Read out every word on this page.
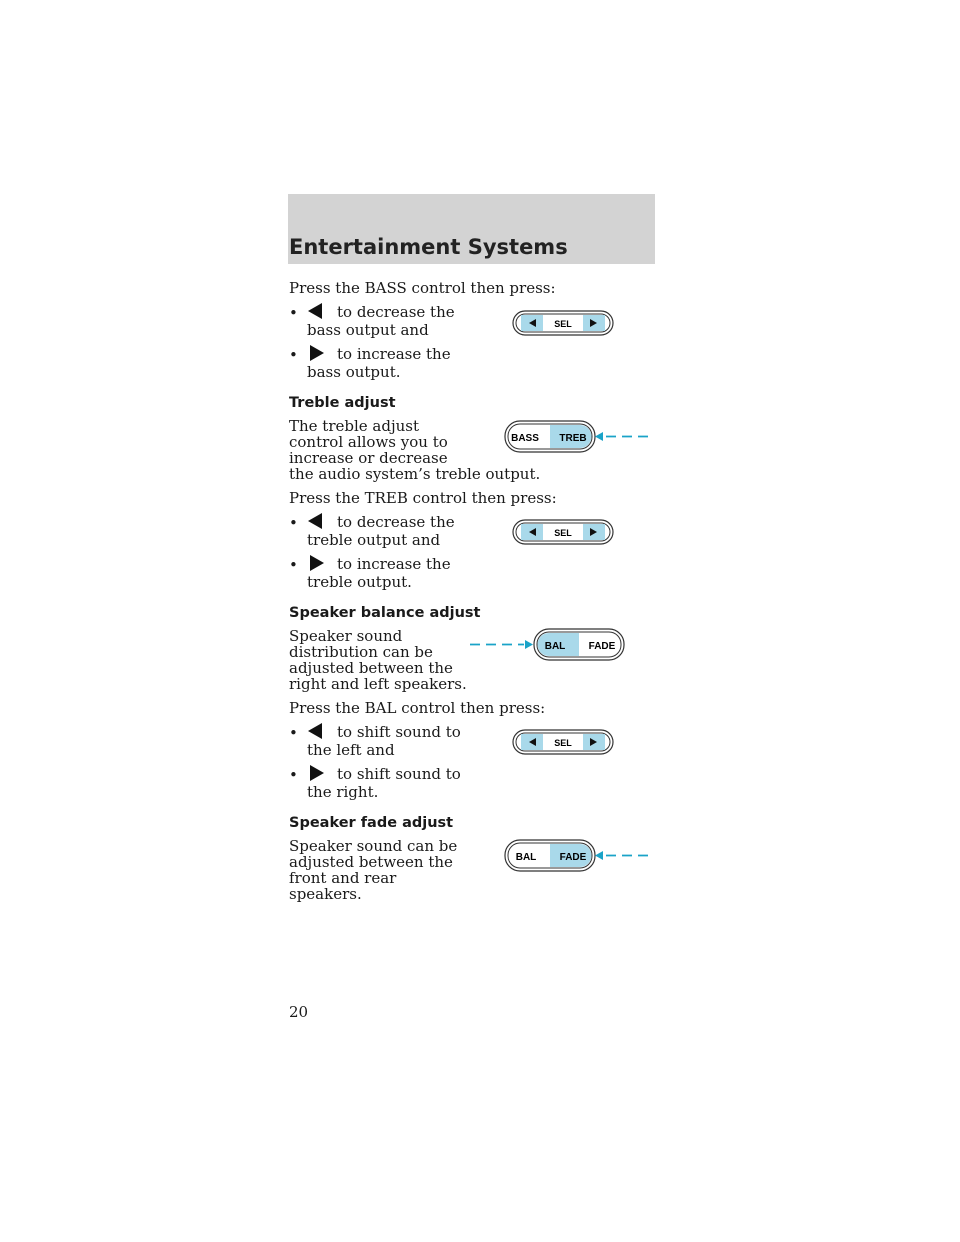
Entertainment Systems
Press the BASS control then press:
•	to decrease the
bass output and
•	to increase the
bass output.
SEL
Treble adjust
The treble adjust
control allows you to
increase or decrease
the audio system’s treble output.
BASS TREB
Press the TREB control then press:
•	to decrease the
treble output and
•	to increase the
treble output.
SEL
Speaker balance adjust
Speaker sound
distribution can be
adjusted between the
right and left speakers.
BAL FADE
Press the BAL control then press:
•	to shift sound to
the left and
•	to shift sound to
the right.
SEL
Speaker fade adjust
Speaker sound can be
adjusted between the
front and rear
speakers.
BAL FADE
20
